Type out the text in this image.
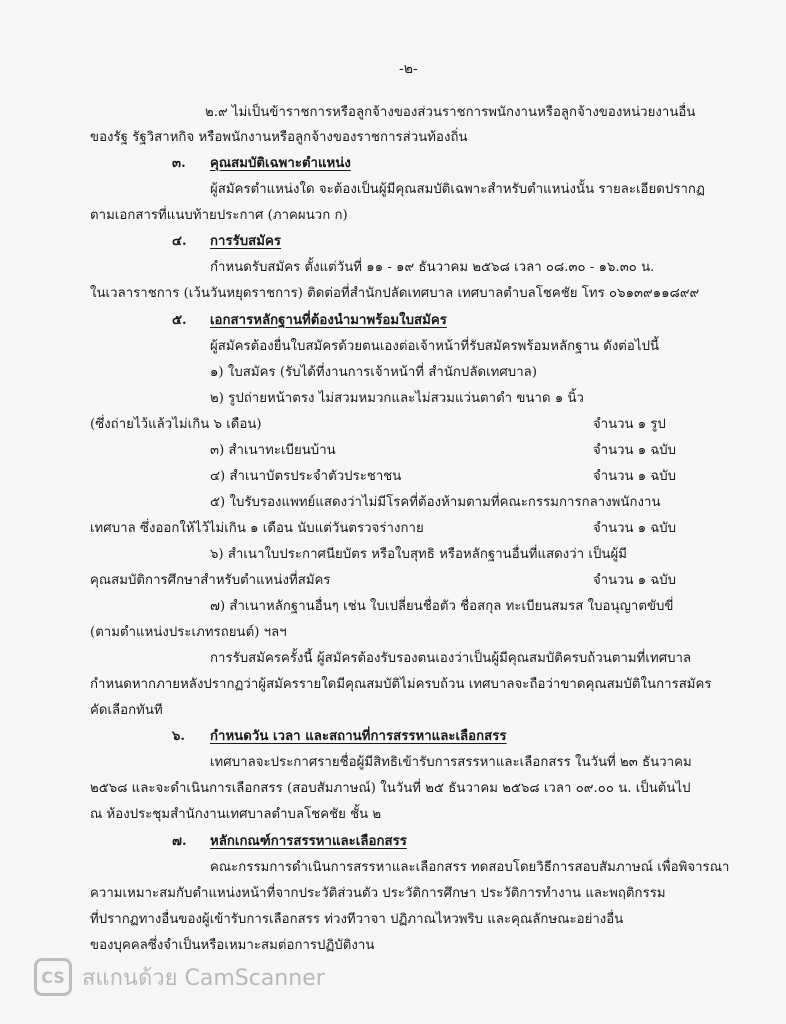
-๒-
๒.๙ ไม่เป็นข้าราชการหรือลูกจ้างของส่วนราชการพนักงานหรือลูกจ้างของหน่วยงานอื่น
ของรัฐ รัฐวิสาหกิจ หรือพนักงานหรือลูกจ้างของราชการส่วนท้องถิ่น
๓. คุณสมบัติเฉพาะตำแหน่ง
ผู้สมัครตำแหน่งใด จะต้องเป็นผู้มีคุณสมบัติเฉพาะสำหรับตำแหน่งนั้น รายละเอียดปรากฏ
ตามเอกสารที่แนบท้ายประกาศ (ภาคผนวก ก)
๔. การรับสมัคร
กำหนดรับสมัคร ตั้งแต่วันที่ ๑๑ - ๑๙ ธันวาคม ๒๕๖๘ เวลา ๐๘.๓๐ - ๑๖.๓๐ น.
ในเวลาราชการ (เว้นวันหยุดราชการ) ติดต่อที่สำนักปลัดเทศบาล เทศบาลตำบลโชคชัย โทร ๐๖๑๓๙๑๑๘๙๙
๕. เอกสารหลักฐานที่ต้องนำมาพร้อมใบสมัคร
ผู้สมัครต้องยื่นใบสมัครด้วยตนเองต่อเจ้าหน้าที่รับสมัครพร้อมหลักฐาน ดังต่อไปนี้
๑) ใบสมัคร (รับได้ที่งานการเจ้าหน้าที่ สำนักปลัดเทศบาล)
๒) รูปถ่ายหน้าตรง ไม่สวมหมวกและไม่สวมแว่นตาดำ ขนาด ๑ นิ้ว
(ซึ่งถ่ายไว้แล้วไม่เกิน ๖ เดือน)	จำนวน ๑ รูป
๓) สำเนาทะเบียนบ้าน	จำนวน ๑ ฉบับ
๔) สำเนาบัตรประจำตัวประชาชน	จำนวน ๑ ฉบับ
๕) ใบรับรองแพทย์แสดงว่าไม่มีโรคที่ต้องห้ามตามที่คณะกรรมการกลางพนักงาน
เทศบาล ซึ่งออกให้ไว้ไม่เกิน ๑ เดือน นับแต่วันตรวจร่างกาย	จำนวน ๑ ฉบับ
๖) สำเนาใบประกาศนียบัตร หรือใบสุทธิ หรือหลักฐานอื่นที่แสดงว่า เป็นผู้มี
คุณสมบัติการศึกษาสำหรับตำแหน่งที่สมัคร	จำนวน ๑ ฉบับ
๗) สำเนาหลักฐานอื่นๆ เช่น ใบเปลี่ยนชื่อตัว ชื่อสกุล ทะเบียนสมรส ใบอนุญาตขับขี่
(ตามตำแหน่งประเภทรถยนต์) ฯลฯ
การรับสมัครครั้งนี้ ผู้สมัครต้องรับรองตนเองว่าเป็นผู้มีคุณสมบัติครบถ้วนตามที่เทศบาล
กำหนดหากภายหลังปรากฏว่าผู้สมัครรายใดมีคุณสมบัติไม่ครบถ้วน เทศบาลจะถือว่าขาดคุณสมบัติในการสมัคร
คัดเลือกทันที
๖. กำหนดวัน เวลา และสถานที่การสรรหาและเลือกสรร
เทศบาลจะประกาศรายชื่อผู้มีสิทธิเข้ารับการสรรหาและเลือกสรร ในวันที่ ๒๓ ธันวาคม
๒๕๖๘ และจะดำเนินการเลือกสรร (สอบสัมภาษณ์) ในวันที่ ๒๕ ธันวาคม ๒๕๖๘ เวลา ๐๙.๐๐ น. เป็นต้นไป
ณ ห้องประชุมสำนักงานเทศบาลตำบลโชคชัย ชั้น ๒
๗. หลักเกณฑ์การสรรหาและเลือกสรร
คณะกรรมการดำเนินการสรรหาและเลือกสรร ทดสอบโดยวิธีการสอบสัมภาษณ์ เพื่อพิจารณา
ความเหมาะสมกับตำแหน่งหน้าที่จากประวัติส่วนตัว ประวัติการศึกษา ประวัติการทำงาน และพฤติกรรม
ที่ปรากฏทางอื่นของผู้เข้ารับการเลือกสรร ท่วงทีวาจา ปฏิภาณไหวพริบ และคุณลักษณะอย่างอื่น
ของบุคคลซึ่งจำเป็นหรือเหมาะสมต่อการปฏิบัติงาน
CS สแกนด้วย CamScanner
